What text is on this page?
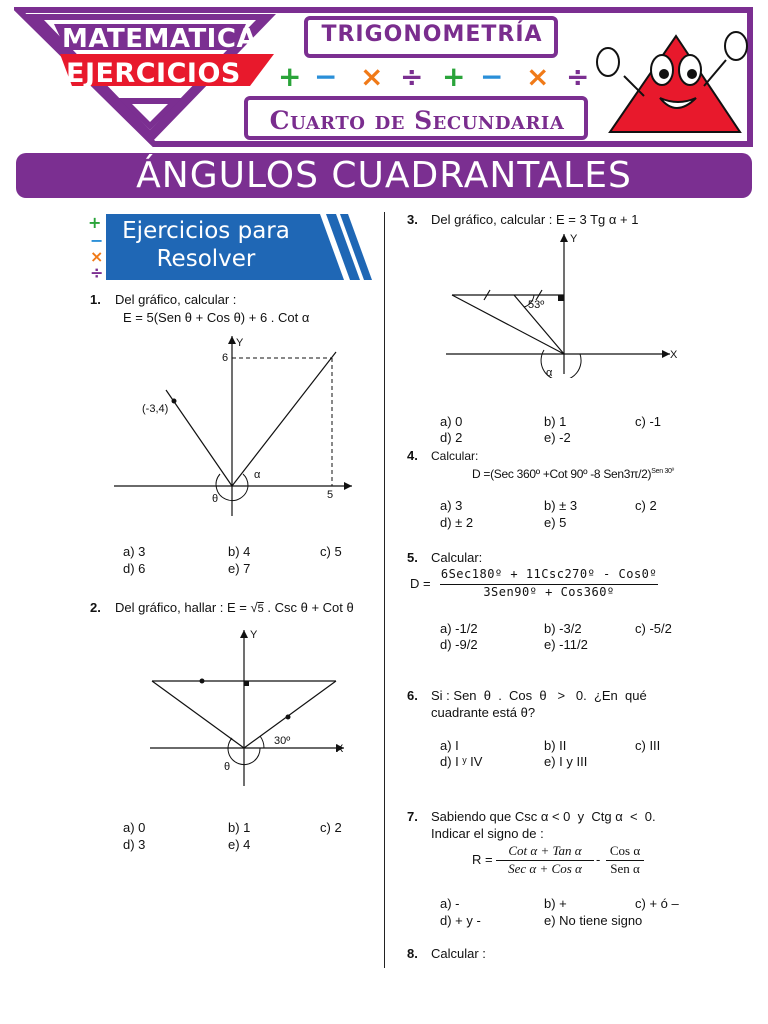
+ − × ÷ + − × ÷
MATEMATICA
EJERCICIOS
TRIGONOMETRÍA
Cuarto de Secundaria
ÁNGULOS CUADRANTALES
+
−
×
÷
Ejercicios para
Resolver
1. Del gráfico, calcular :
E = 5(Sen θ + Cos θ) + 6 . Cot α
Y
6
5
(-3,4)
α
θ
a) 3	b) 4	c) 5
d) 6	e) 7
2. Del gráfico, hallar : E = √5 . Csc θ + Cot θ
Y
X
30º
θ
a) 0	b) 1	c) 2
d) 3	e) 4
3. Del gráfico, calcular : E = 3 Tg α + 1
Y
X
53º
α
a) 0	b) 1	c) -1
d) 2	e) -2
4. Calcular:
D =(Sec 360º +Cot 90º -8 Sen3π/2)$^{Sen 30º}$
a) 3	b) ± 3	c) 2
d) ± 2	e) 5
5. Calcular:
D =
6Sec180º + 11Csc270º - Cos0º
3Sen90º + Cos360º
a) -1/2	b) -3/2	c) -5/2
d) -9/2	e) -11/2
6. Si : Sen  θ  .  Cos  θ   >   0.  ¿En  qué
cuadrante está θ?
a) I	b) II	c) III
d) I ʸ IV	e) I y III
7. Sabiendo que Csc α < 0  y  Ctg α  <  0.
Indicar el signo de :
R =
Cot α + Tan α
Sec α + Cos α
-
Cos α
Sen α
a) -	b) +	c) + ó –
d) + y -	e) No tiene signo
8. Calcular :
